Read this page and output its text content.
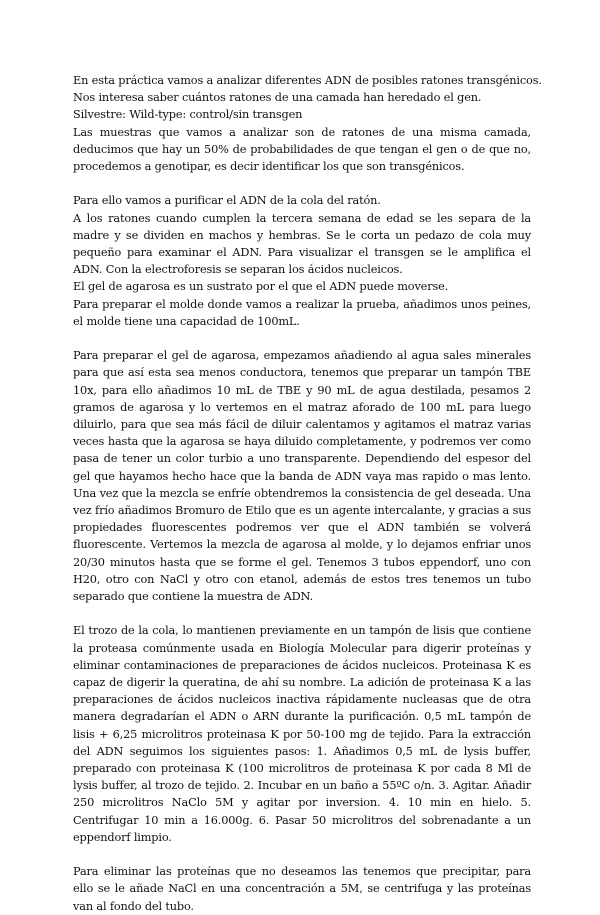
En esta práctica vamos a analizar diferentes ADN de posibles ratones transgénicos.
Nos interesa saber cuántos ratones de una camada han heredado el gen.
Silvestre: Wild-type: control/sin transgen

Las muestras que vamos a analizar son de ratones de una misma camada, deducimos que hay un 50% de probabilidades de que tengan el gen o de que no, procedemos a genotipar, es decir identificar los que son transgénicos.

Para ello vamos a purificar el ADN de la cola del ratón.

A los ratones cuando cumplen la tercera semana de edad se les separa de la madre y se dividen en machos y hembras. Se le corta un pedazo de cola muy pequeño para examinar el ADN. Para visualizar el transgen se le amplifica el ADN. Con la electroforesis se separan los ácidos nucleicos.

El gel de agarosa es un sustrato por el que el ADN puede moverse.

Para preparar el molde donde vamos a realizar la prueba, añadimos unos peines, el molde tiene una capacidad de 100mL.

Para preparar el gel de agarosa, empezamos añadiendo al agua sales minerales para que así esta sea menos conductora, tenemos que preparar un tampón TBE 10x, para ello añadimos 10 mL de TBE y 90 mL de agua destilada, pesamos 2 gramos de agarosa y lo vertemos en el matraz aforado de 100 mL para luego diluirlo, para que sea más fácil de diluir calentamos y agitamos el matraz varias veces hasta que la agarosa se haya diluido completamente, y podremos ver como pasa de tener un color turbio a uno transparente. Dependiendo del espesor del gel que hayamos hecho hace que la banda de ADN vaya mas rapido o mas lento. Una vez que la mezcla se enfríe obtendremos la consistencia de gel deseada. Una vez frío añadimos Bromuro de Etilo que es un agente intercalante, y gracias a sus propiedades fluorescentes podremos ver que el ADN también se volverá fluorescente. Vertemos la mezcla de agarosa al molde, y lo dejamos enfriar unos 20/30 minutos hasta que se forme el gel. Tenemos 3 tubos eppendorf, uno con H20, otro con NaCl y otro con etanol, además de estos tres tenemos un tubo separado que contiene la muestra de ADN.

El trozo de la cola, lo mantienen previamente en un tampón de lisis que contiene la proteasa comúnmente usada en Biología Molecular para digerir proteínas y eliminar contaminaciones de preparaciones de ácidos nucleicos. Proteinasa K es capaz de digerir la queratina, de ahí su nombre. La adición de proteinasa K a las preparaciones de ácidos nucleicos inactiva rápidamente nucleasas que de otra manera degradarían el ADN o ARN durante la purificación. 0,5 mL tampón de lisis + 6,25 microlitros proteinasa K por 50-100 mg de tejido. Para la extracción del ADN seguimos los siguientes pasos: 1. Añadimos 0,5 mL de lysis buffer, preparado con proteinasa K (100 microlitros de proteinasa K por cada 8 Ml de lysis buffer, al trozo de tejido. 2. Incubar en un baño a 55ºC o/n. 3. Agitar. Añadir 250 microlitros NaClo 5M y agitar por inversion. 4. 10 min en hielo. 5. Centrifugar 10 min a 16.000g. 6. Pasar 50 microlitros del sobrenadante a un eppendorf limpio.

Para eliminar las proteínas que no deseamos las tenemos que precipitar, para ello se le añade NaCl en una concentración a 5M, se centrifuga y las proteínas van al fondo del tubo.
